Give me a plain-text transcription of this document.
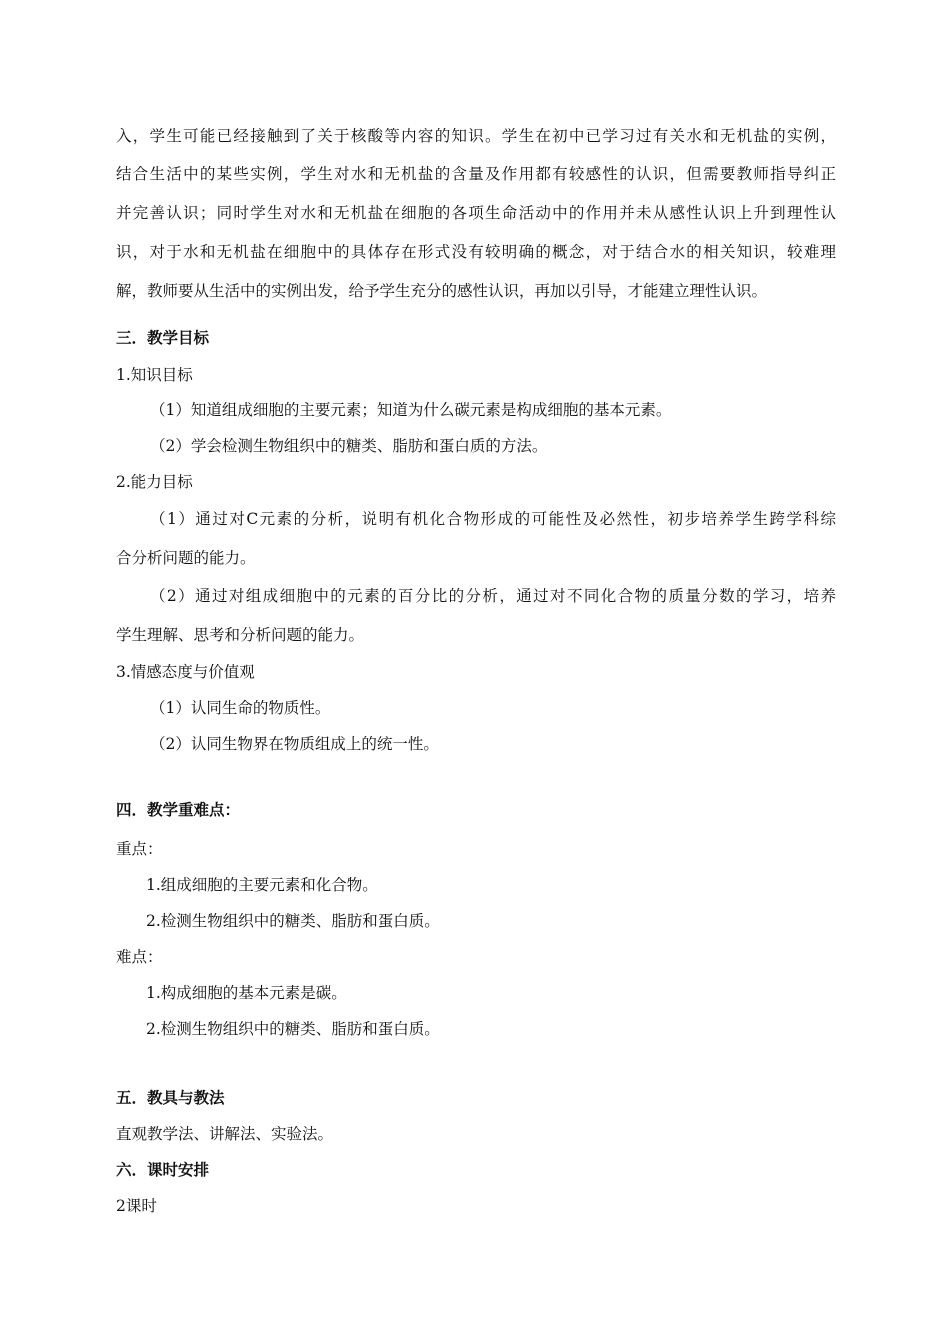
入，学生可能已经接触到了关于核酸等内容的知识。学生在初中已学习过有关水和无机盐的实例，
结合生活中的某些实例，学生对水和无机盐的含量及作用都有较感性的认识，但需要教师指导纠正
并完善认识；同时学生对水和无机盐在细胞的各项生命活动中的作用并未从感性认识上升到理性认
识，对于水和无机盐在细胞中的具体存在形式没有较明确的概念，对于结合水的相关知识，较难理
解，教师要从生活中的实例出发，给予学生充分的感性认识，再加以引导，才能建立理性认识。
三．教学目标
1.知识目标
（1）知道组成细胞的主要元素；知道为什么碳元素是构成细胞的基本元素。
（2）学会检测生物组织中的糖类、脂肪和蛋白质的方法。
2.能力目标
（1）通过对C元素的分析，说明有机化合物形成的可能性及必然性，初步培养学生跨学科综
合分析问题的能力。
（2）通过对组成细胞中的元素的百分比的分析，通过对不同化合物的质量分数的学习，培养
学生理解、思考和分析问题的能力。
3.情感态度与价值观
（1）认同生命的物质性。
（2）认同生物界在物质组成上的统一性。
四．教学重难点：
重点：
1.组成细胞的主要元素和化合物。
2.检测生物组织中的糖类、脂肪和蛋白质。
难点：
1.构成细胞的基本元素是碳。
2.检测生物组织中的糖类、脂肪和蛋白质。
五．教具与教法
直观教学法、讲解法、实验法。
六．课时安排
2课时
